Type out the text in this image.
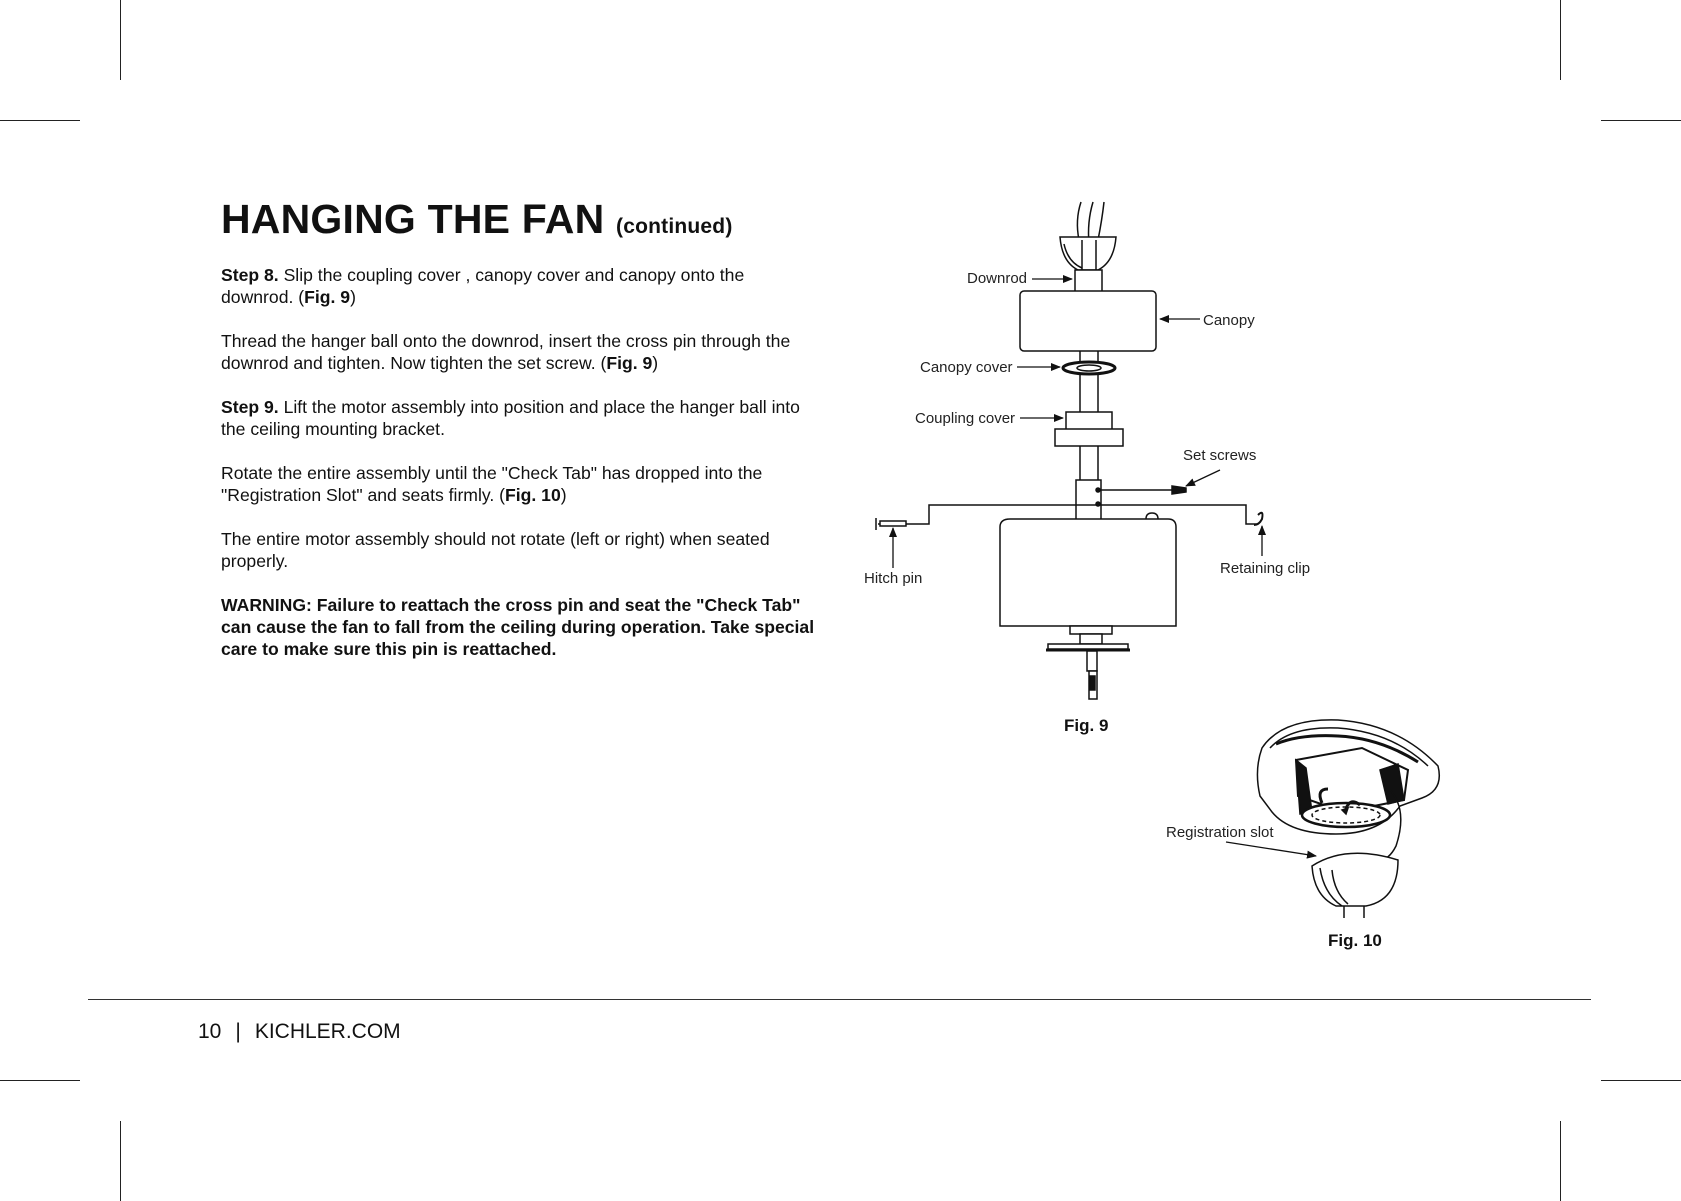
HANGING THE FAN (continued)

Step 8. Slip the coupling cover , canopy cover and canopy onto the downrod. (Fig. 9)

Thread the hanger ball onto the downrod, insert the cross pin through the downrod and tighten. Now tighten the set screw. (Fig. 9)

Step 9. Lift the motor assembly into position and place the hanger ball into the ceiling mounting bracket.

Rotate the entire assembly until the "Check Tab" has dropped into the "Registration Slot" and seats firmly. (Fig. 10)

The entire motor assembly should not rotate (left or right) when seated properly.

WARNING: Failure to reattach the cross pin and seat the "Check Tab" can cause the fan to fall from the ceiling during operation. Take special care to make sure this pin is reattached.

Downrod
Canopy
Canopy cover
Coupling cover
Set screws
Hitch pin
Retaining clip
Fig. 9
Registration slot
Fig. 10
10 | KICHLER.COM
